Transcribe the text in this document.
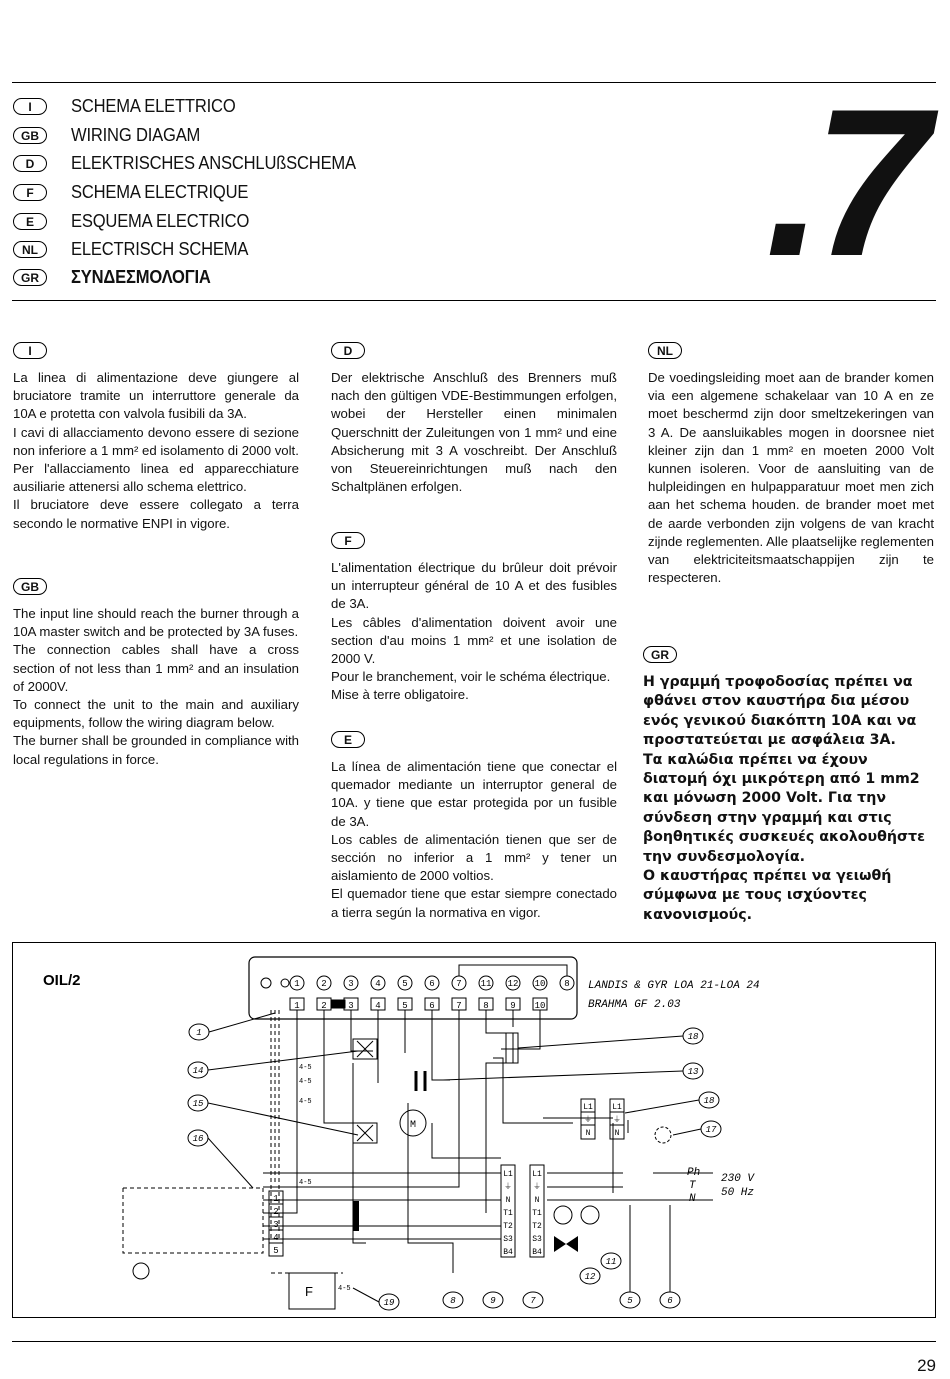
I	SCHEMA ELETTRICO
GB	WIRING DIAGAM
D	ELEKTRISCHES ANSCHLUßSCHEMA
F	SCHEMA ELECTRIQUE
E	ESQUEMA ELECTRICO
NL	ELECTRISCH SCHEMA
GR	ΣΥΝΔΕΣΜΟΛΟΓΙΑ	.7
I

La linea di alimentazione deve giungere al bruciatore tramite un interruttore generale da 10A e protetta con valvola fusibili da 3A.
I cavi di allacciamento devono essere di sezione non inferiore a 1 mm² ed isolamento di 2000 volt.
Per l'allacciamento linea ed apparecchiature ausiliarie attenersi allo schema elettrico.
Il bruciatore deve essere collegato a terra secondo le normative ENPI in vigore.

GB

The input line should reach the burner through a 10A master switch and be protected by 3A fuses.
The connection cables shall have a cross section of not less than 1 mm² and an insulation of 2000V.
To connect the unit to the main and auxiliary equipments, follow the wiring diagram below.
The burner shall be grounded in compliance with local regulations in force.

D

Der elektrische Anschluß des Brenners muß nach den gültigen VDE-Bestimmungen erfolgen, wobei der Hersteller einen minimalen Querschnitt der Zuleitungen von 1 mm² und eine Absicherung mit 3 A voschreibt. Der Anschluß von Steuereinrichtungen muß nach den Schaltplänen erfolgen.

F

L'alimentation électrique du brûleur doit prévoir un interrupteur général de 10 A et des fusibles de 3A.
Les câbles d'alimentation doivent avoir une section d'au moins 1 mm² et une isolation de 2000 V.
Pour le branchement, voir le schéma électrique.
Mise à terre obligatoire.

E

La línea de alimentación tiene que conectar el quemador mediante un interruptor general de 10A. y tiene que estar protegida por un fusible de 3A.
Los cables de alimentación tienen que ser de sección no inferior a 1 mm² y tener un aislamiento de 2000 voltios.
El quemador tiene que estar siempre conectado a tierra según la normativa en vigor.

NL

De voedingsleiding moet aan de brander komen via een algemene schakelaar van 10 A en ze moet beschermd zijn door smeltzekeringen van 3 A. De aansluikables mogen in doorsnee niet kleiner zijn dan 1 mm² en moeten 2000 Volt kunnen isoleren. Voor de aansluiting van de hulpleidingen en hulpapparatuur moet men zich aan het schema houden. de brander moet met de aarde verbonden zijn volgens de van kracht zijnde reglementen. Alle plaatselijke reglementen van elektriciteitsmaatschappijen zijn te respecteren.

GR

Η γραμμή τροφοδοσίας πρέπει να φθάνει στον καυστήρα δια μέσου ενός γενικού διακόπτη 10Α και να προστατεύεται με ασφάλεια 3Α.
Τα καλώδια πρέπει να έχουν διατομή όχι μικρότερη από 1 mm2 και μόνωση 2000 Volt. Για την σύνδεση στην γραμμή και στις βοηθητικές συσκευές ακολουθήστε την συνδεσμολογία.
Ο καυστήρας πρέπει να γειωθή σύμφωνα με τους ισχύοντες κανονισμούς.

OIL/2	LANDIS & GYR LOA 21-LOA 24
BRAHMA GF 2.03
1 2 3 4 5 6 7 11 12 10 8
1 2 3 4 5 6 7 8 9 10
M
L1
⏚
N
L1
⏚
N
L1
⏚
N
T1
T2
S3
B4
L1
⏚
N
T1
T2
S3
B4
Ph
T
N
230 V
50 Hz
1
2
3
4
5
F
1
14
15
16
18
13
18
17
8	9	7
12
11
5	6
19
4-5
4-5
4-5
4-5
4-5
29
